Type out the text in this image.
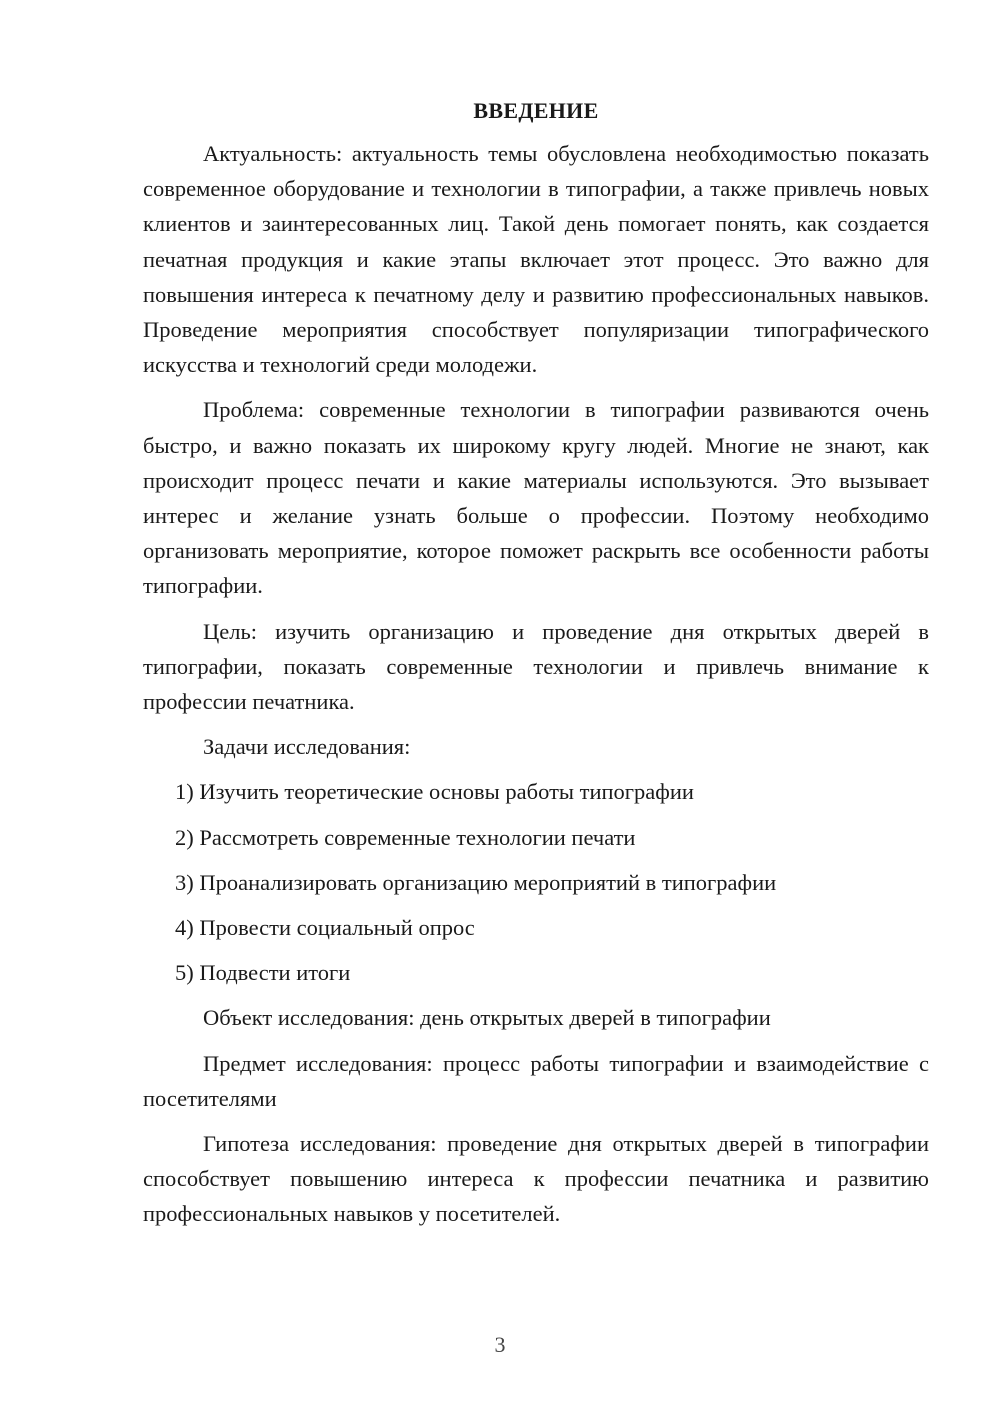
ВВЕДЕНИЕ

Актуальность: актуальность темы обусловлена необходимостью показать современное оборудование и технологии в типографии, а также привлечь новых клиентов и заинтересованных лиц. Такой день помогает понять, как создается печатная продукция и какие этапы включает этот процесс. Это важно для повышения интереса к печатному делу и развитию профессиональных навыков. Проведение мероприятия способствует популяризации типографического искусства и технологий среди молодежи.

Проблема: современные технологии в типографии развиваются очень быстро, и важно показать их широкому кругу людей. Многие не знают, как происходит процесс печати и какие материалы используются. Это вызывает интерес и желание узнать больше о профессии. Поэтому необходимо организовать мероприятие, которое поможет раскрыть все особенности работы типографии.

Цель: изучить организацию и проведение дня открытых дверей в типографии, показать современные технологии и привлечь внимание к профессии печатника.

Задачи исследования:
1) Изучить теоретические основы работы типографии
2) Рассмотреть современные технологии печати
3) Проанализировать организацию мероприятий в типографии
4) Провести социальный опрос
5) Подвести итоги
Объект исследования: день открытых дверей в типографии

Предмет исследования: процесс работы типографии и взаимодействие с посетителями

Гипотеза исследования: проведение дня открытых дверей в типографии способствует повышению интереса к профессии печатника и развитию профессиональных навыков у посетителей.

3
